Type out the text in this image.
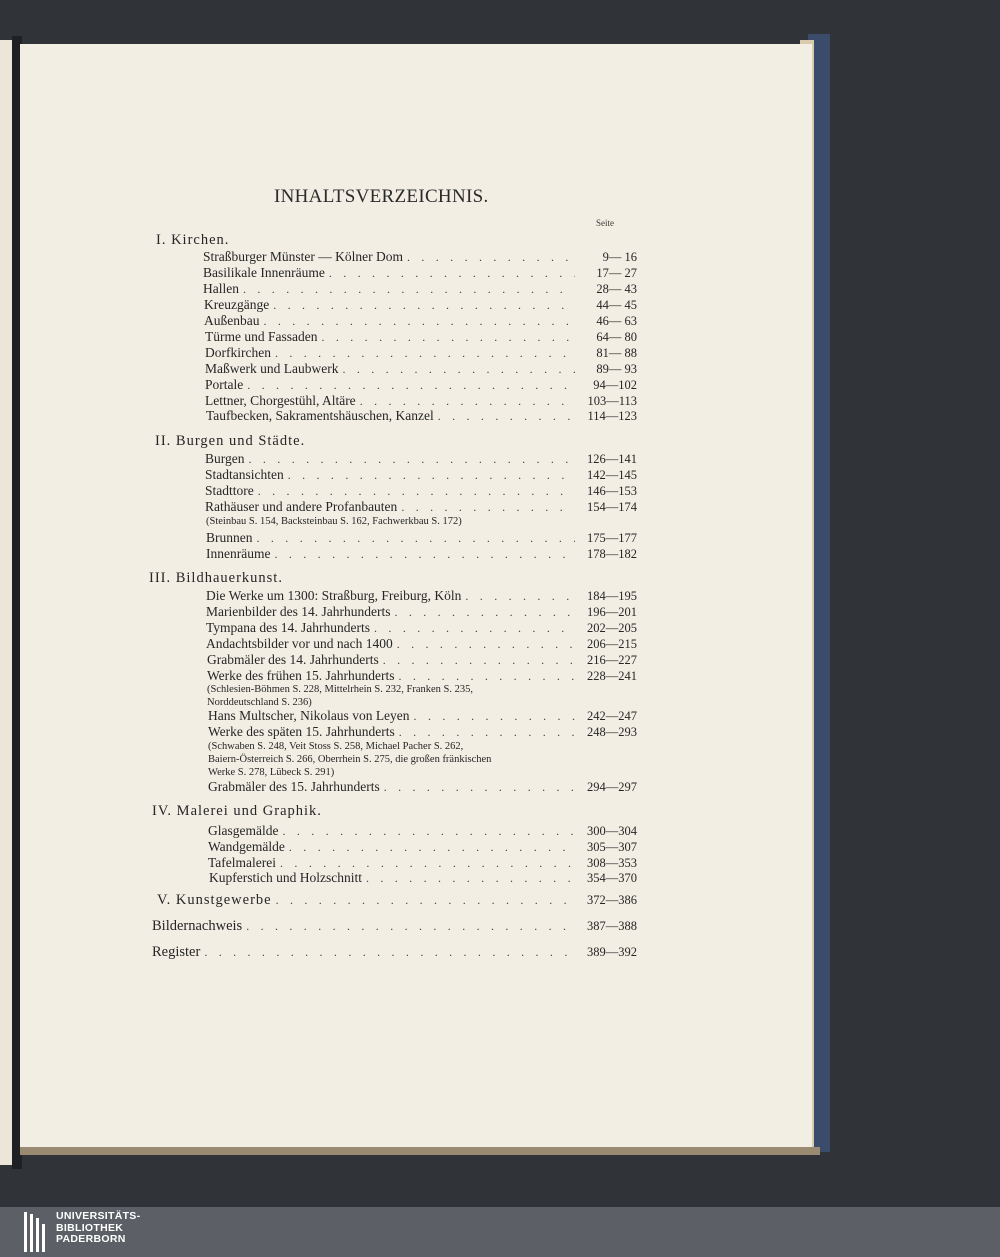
INHALTSVERZEICHNIS.
Seite
I. Kirchen.
Straßburger Münster — Kölner Dom . . .	9— 16
Basilikale Innenräume . . .	17— 27
Hallen . . .	28— 43
Kreuzgänge . . .	44— 45
Außenbau . . .	46— 63
Türme und Fassaden . . .	64— 80
Dorfkirchen . . .	81— 88
Maßwerk und Laubwerk . . .	89— 93
Portale . . .	94—102
Lettner, Chorgestühl, Altäre . . .	103—113
Taufbecken, Sakramentshäuschen, Kanzel . . .	114—123
II. Burgen und Städte.
Burgen . . .	126—141
Stadtansichten . . .	142—145
Stadttore . . .	146—153
Rathäuser und andere Profanbauten . . .	154—174
(Steinbau S. 154, Backsteinbau S. 162, Fachwerkbau S. 172)
Brunnen . . .	175—177
Innenräume . . .	178—182
III. Bildhauerkunst.
Die Werke um 1300: Straßburg, Freiburg, Köln . . .	184—195
Marienbilder des 14. Jahrhunderts . . .	196—201
Tympana des 14. Jahrhunderts . . .	202—205
Andachtsbilder vor und nach 1400 . . .	206—215
Grabmäler des 14. Jahrhunderts . . .	216—227
Werke des frühen 15. Jahrhunderts . . .	228—241
(Schlesien-Böhmen S. 228, Mittelrhein S. 232, Franken S. 235,
Norddeutschland S. 236)
Hans Multscher, Nikolaus von Leyen . . .	242—247
Werke des späten 15. Jahrhunderts . . .	248—293
(Schwaben S. 248, Veit Stoss S. 258, Michael Pacher S. 262,
Baiern-Österreich S. 266, Oberrhein S. 275, die großen fränkischen
Werke S. 278, Lübeck S. 291)
Grabmäler des 15. Jahrhunderts . . .	294—297
IV. Malerei und Graphik.
Glasgemälde . . .	300—304
Wandgemälde . . .	305—307
Tafelmalerei . . .	308—353
Kupferstich und Holzschnitt . . .	354—370
V. Kunstgewerbe . . .	372—386
Bildernachweis . . .	387—388
Register . . .	389—392
UNIVERSITÄTS-
BIBLIOTHEK
PADERBORN
